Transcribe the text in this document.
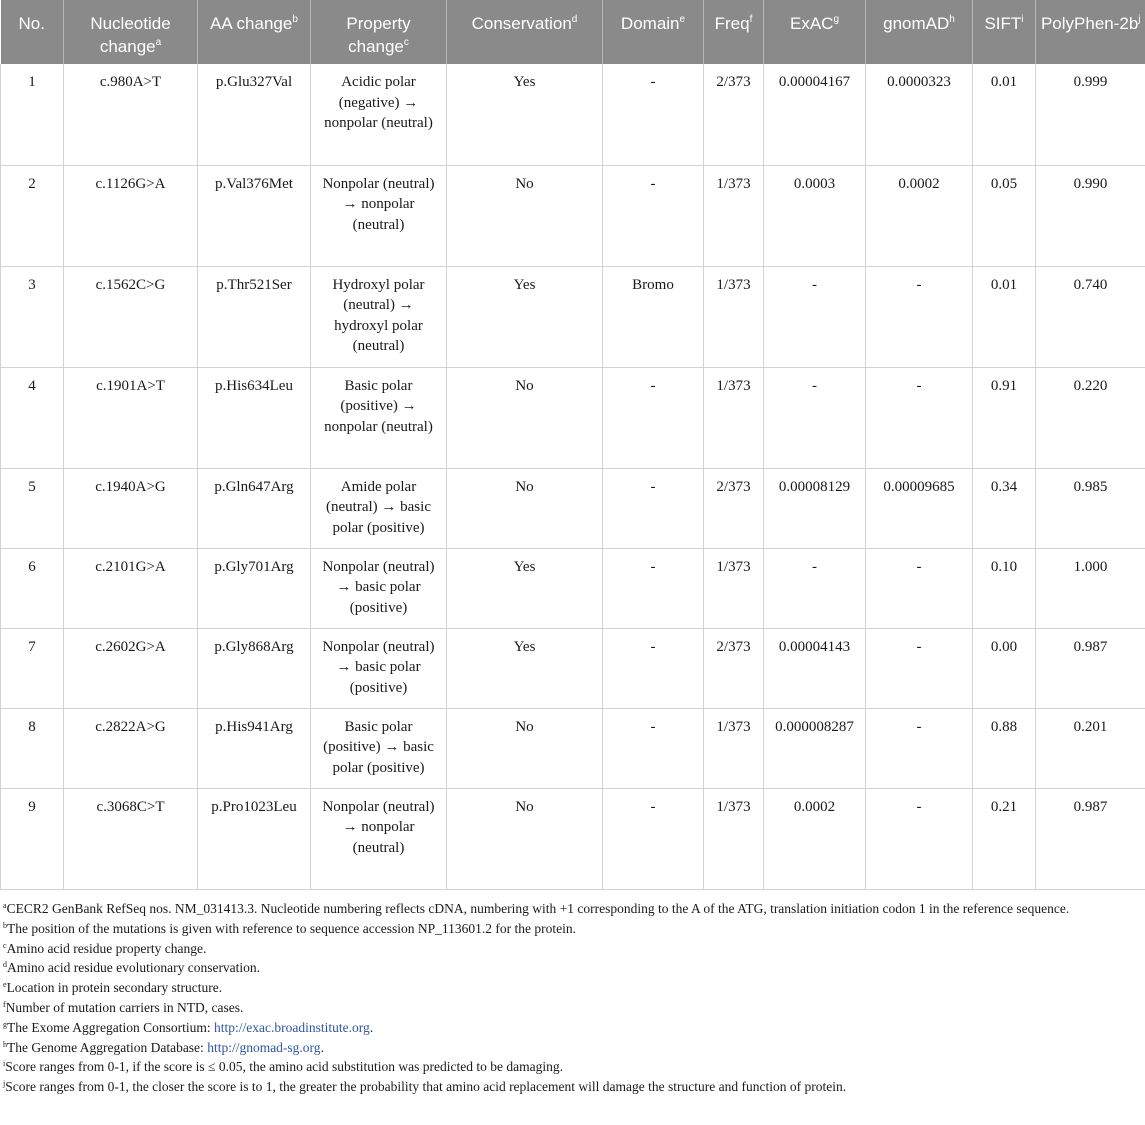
No.	Nucleotide change$^a$	AA change$^b$	Property change$^c$	Conservation$^d$	Domain$^e$	Freq$^f$	ExAC$^g$	gnomAD$^h$	SIFT$^i$	PolyPhen-$2b^j$
1	c.980A>T	p.Glu327Val	Acidic polar (negative) → nonpolar (neutral)	Yes	-	2/373	0.00004167	0.0000323	0.01	0.999
2	c.1126G>A	p.Val376Met	Nonpolar (neutral) → nonpolar (neutral)	No	-	1/373	0.0003	0.0002	0.05	0.990
3	c.1562C>G	p.Thr521Ser	Hydroxyl polar (neutral) → hydroxyl polar (neutral)	Yes	Bromo	1/373	-	-	0.01	0.740
4	c.1901A>T	p.His634Leu	Basic polar (positive) → nonpolar (neutral)	No	-	1/373	-	-	0.91	0.220
5	c.1940A>G	p.Gln647Arg	Amide polar (neutral) → basic polar (positive)	No	-	2/373	0.00008129	0.00009685	0.34	0.985
6	c.2101G>A	p.Gly701Arg	Nonpolar (neutral) → basic polar (positive)	Yes	-	1/373	-	-	0.10	1.000
7	c.2602G>A	p.Gly868Arg	Nonpolar (neutral) → basic polar (positive)	Yes	-	2/373	0.00004143	-	0.00	0.987
8	c.2822A>G	p.His941Arg	Basic polar (positive) → basic polar (positive)	No	-	1/373	0.000008287	-	0.88	0.201
9	c.3068C>T	p.Pro1023Leu	Nonpolar (neutral) → nonpolar (neutral)	No	-	1/373	0.0002	-	0.21	0.987

$^a$CECR2 GenBank RefSeq nos. NM_031413.3. Nucleotide numbering reflects cDNA, numbering with +1 corresponding to the A of the ATG, translation initiation codon 1 in the reference sequence.

$^b$The position of the mutations is given with reference to sequence accession NP_113601.2 for the protein.

$^c$Amino acid residue property change.

$^d$Amino acid residue evolutionary conservation.

$^e$Location in protein secondary structure.

$^f$Number of mutation carriers in NTD, cases.

$^g$The Exome Aggregation Consortium: http://exac.broadinstitute.org.

$^h$The Genome Aggregation Database: http://gnomad-sg.org.

$^i$Score ranges from 0-1, if the score is ≤ 0.05, the amino acid substitution was predicted to be damaging.

$^j$Score ranges from 0-1, the closer the score is to 1, the greater the probability that amino acid replacement will damage the structure and function of protein.
